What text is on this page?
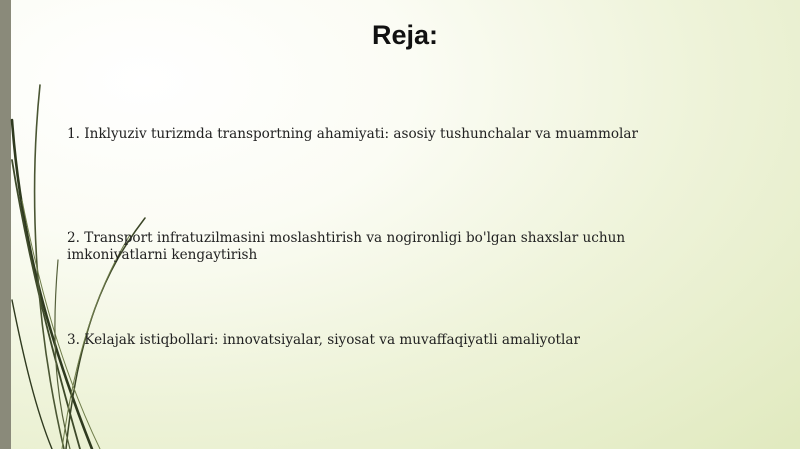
Reja:

1. Inklyuziv turizmda transportning ahamiyati: asosiy tushunchalar va muammolar

2. Transport infratuzilmasini moslashtirish va nogironligi bo'lgan shaxslar uchun imkoniyatlarni kengaytirish

3. Kelajak istiqbollari: innovatsiyalar, siyosat va muvaffaqiyatli amaliyotlar
